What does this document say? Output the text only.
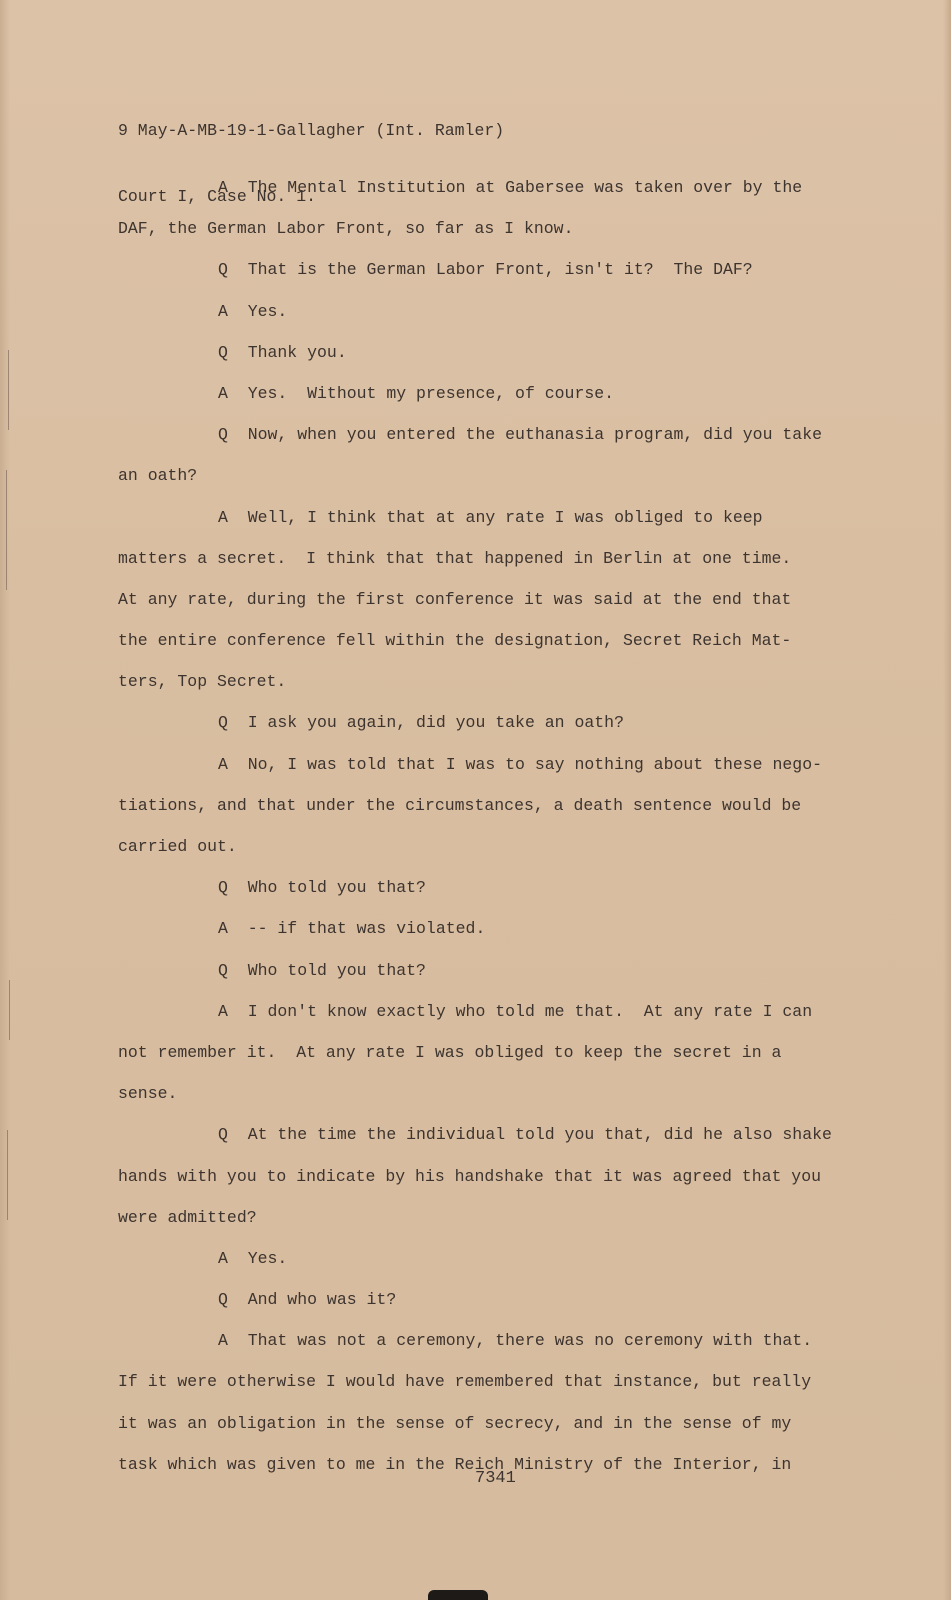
9 May-A-MB-19-1-Gallagher (Int. Ramler)

Court I, Case No. 1.

A  The Mental Institution at Gabersee was taken over by the
DAF, the German Labor Front, so far as I know.
Q  That is the German Labor Front, isn't it?  The DAF?
A  Yes.
Q  Thank you.
A  Yes.  Without my presence, of course.
Q  Now, when you entered the euthanasia program, did you take
an oath?
A  Well, I think that at any rate I was obliged to keep
matters a secret.  I think that that happened in Berlin at one time.
At any rate, during the first conference it was said at the end that
the entire conference fell within the designation, Secret Reich Mat-
ters, Top Secret.
Q  I ask you again, did you take an oath?
A  No, I was told that I was to say nothing about these nego-
tiations, and that under the circumstances, a death sentence would be
carried out.
Q  Who told you that?
A  -- if that was violated.
Q  Who told you that?
A  I don't know exactly who told me that.  At any rate I can
not remember it.  At any rate I was obliged to keep the secret in a
sense.
Q  At the time the individual told you that, did he also shake
hands with you to indicate by his handshake that it was agreed that you
were admitted?
A  Yes.
Q  And who was it?
A  That was not a ceremony, there was no ceremony with that.
If it were otherwise I would have remembered that instance, but really
it was an obligation in the sense of secrecy, and in the sense of my
task which was given to me in the Reich Ministry of the Interior, in
7341
